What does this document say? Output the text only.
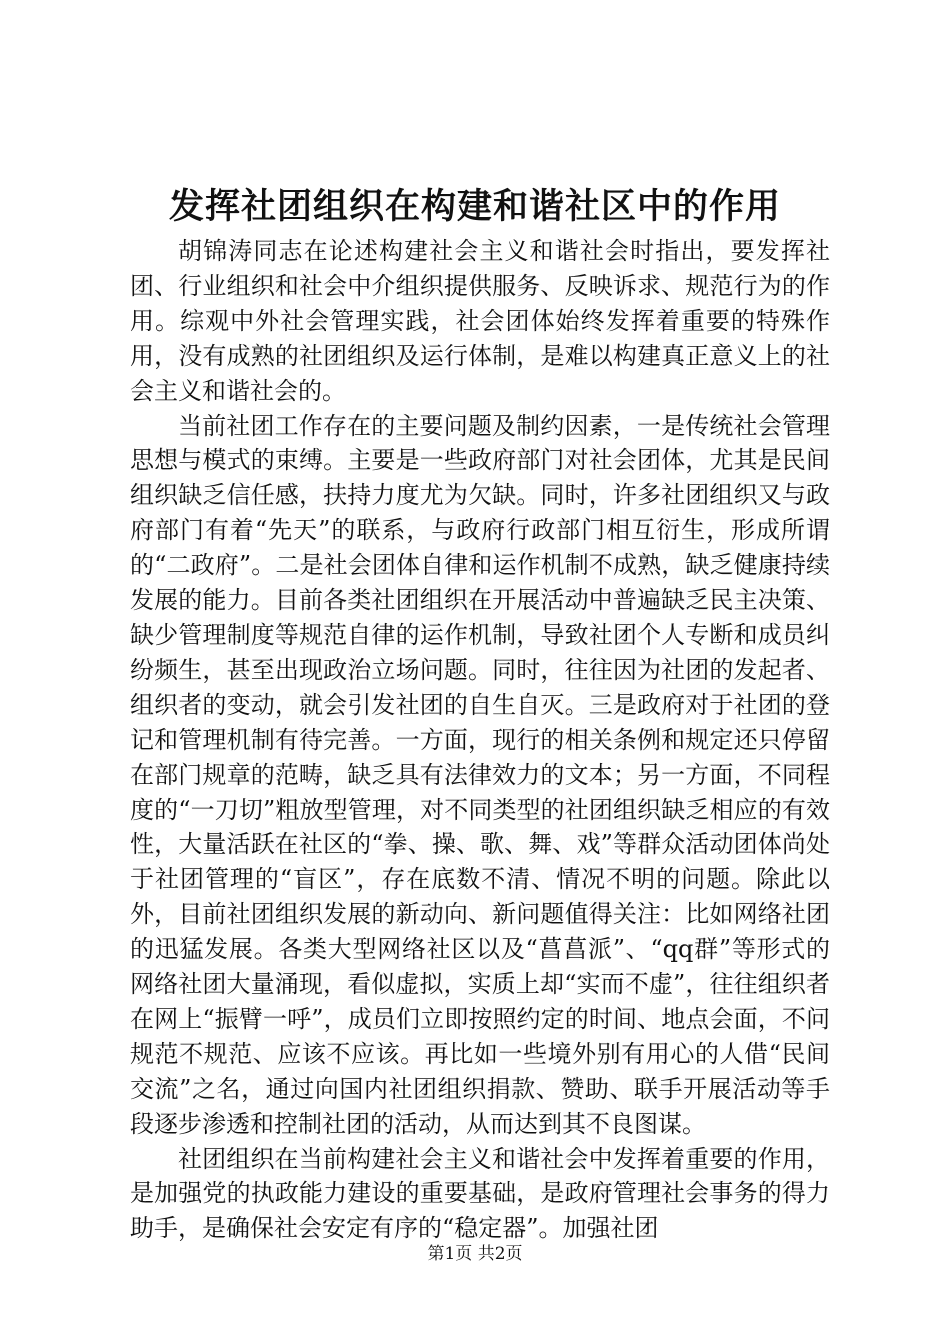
发挥社团组织在构建和谐社区中的作用

胡锦涛同志在论述构建社会主义和谐社会时指出，要发挥社团、行业组织和社会中介组织提供服务、反映诉求、规范行为的作用。综观中外社会管理实践，社会团体始终发挥着重要的特殊作用，没有成熟的社团组织及运行体制，是难以构建真正意义上的社会主义和谐社会的。

当前社团工作存在的主要问题及制约因素，一是传统社会管理思想与模式的束缚。主要是一些政府部门对社会团体，尤其是民间组织缺乏信任感，扶持力度尤为欠缺。同时，许多社团组织又与政府部门有着“先天”的联系，与政府行政部门相互衍生，形成所谓的“二政府”。二是社会团体自律和运作机制不成熟，缺乏健康持续发展的能力。目前各类社团组织在开展活动中普遍缺乏民主决策、缺少管理制度等规范自律的运作机制，导致社团个人专断和成员纠纷频生，甚至出现政治立场问题。同时，往往因为社团的发起者、组织者的变动，就会引发社团的自生自灭。三是政府对于社团的登记和管理机制有待完善。一方面，现行的相关条例和规定还只停留在部门规章的范畴，缺乏具有法律效力的文本；另一方面，不同程度的“一刀切”粗放型管理，对不同类型的社团组织缺乏相应的有效性，大量活跃在社区的“拳、操、歌、舞、戏”等群众活动团体尚处于社团管理的“盲区”，存在底数不清、情况不明的问题。除此以外，目前社团组织发展的新动向、新问题值得关注：比如网络社团的迅猛发展。各类大型网络社区以及“菖菖派”、“qq群”等形式的网络社团大量涌现，看似虚拟，实质上却“实而不虚”，往往组织者在网上“振臂一呼”，成员们立即按照约定的时间、地点会面，不问规范不规范、应该不应该。再比如一些境外别有用心的人借“民间交流”之名，通过向国内社团组织捐款、赞助、联手开展活动等手段逐步渗透和控制社团的活动，从而达到其不良图谋。

社团组织在当前构建社会主义和谐社会中发挥着重要的作用，是加强党的执政能力建设的重要基础，是政府管理社会事务的得力助手，是确保社会安定有序的“稳定器”。加强社团

第1页 共2页
